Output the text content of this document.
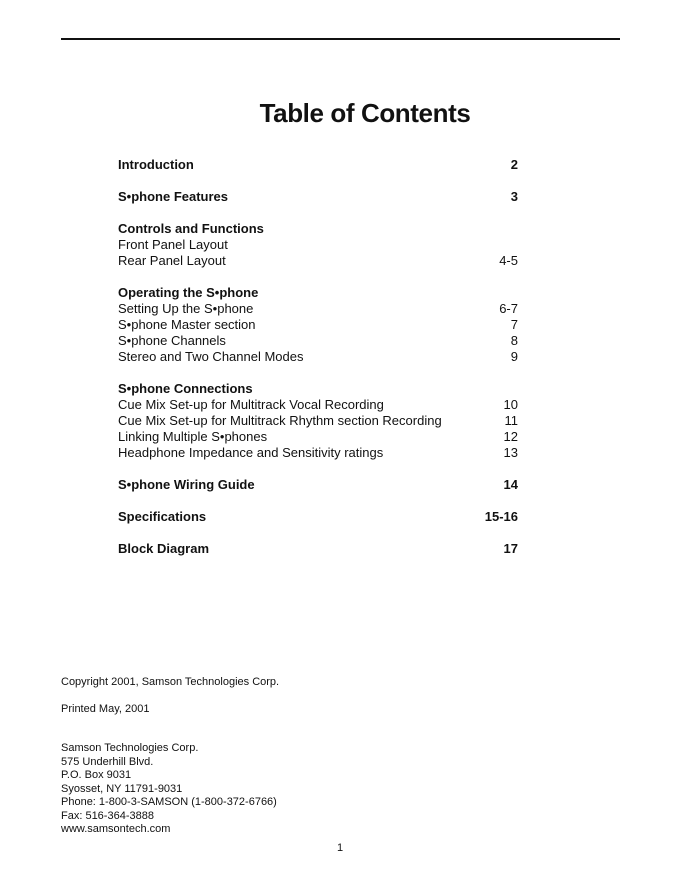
Table of Contents
Introduction	2
S•phone Features	3
Controls and Functions
Front Panel Layout
Rear Panel Layout	4-5
Operating the S•phone
Setting Up the S•phone	6-7
S•phone Master section	7
S•phone Channels	8
Stereo and Two Channel Modes	9
S•phone Connections
Cue Mix Set-up for Multitrack Vocal Recording	10
Cue Mix Set-up for Multitrack Rhythm section Recording	11
Linking Multiple S•phones	12
Headphone Impedance and Sensitivity ratings	13
S•phone Wiring Guide	14
Specifications	15-16
Block Diagram	17
Copyright 2001, Samson Technologies Corp.
Printed May, 2001
Samson Technologies Corp.
575 Underhill Blvd.
P.O. Box 9031
Syosset, NY 11791-9031
Phone: 1-800-3-SAMSON (1-800-372-6766)
Fax: 516-364-3888
www.samsontech.com
1
